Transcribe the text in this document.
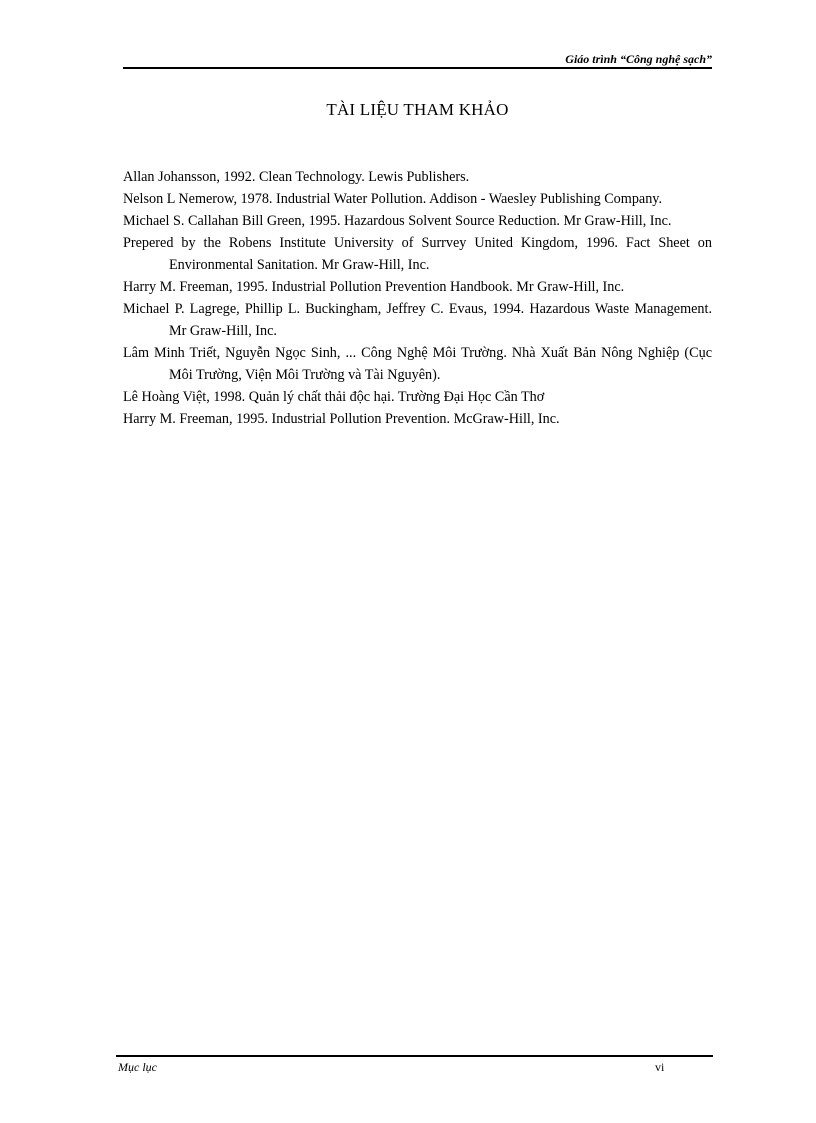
Giáo trình “Công nghệ sạch”
TÀI LIỆU THAM KHẢO
Allan Johansson, 1992. Clean Technology. Lewis Publishers.
Nelson L Nemerow, 1978. Industrial Water Pollution. Addison ‑ Waesley Publishing Company.
Michael S. Callahan Bill Green, 1995. Hazardous Solvent Source Reduction. Mr Graw‑Hill, Inc.
Prepered by the Robens Institute University of Surrvey United Kingdom, 1996. Fact Sheet on Environmental Sanitation. Mr Graw‑Hill, Inc.
Harry M. Freeman, 1995. Industrial Pollution Prevention Handbook. Mr Graw‑Hill, Inc.
Michael P. Lagrege, Phillip L. Buckingham, Jeffrey C. Evaus, 1994. Hazardous Waste Management. Mr Graw‑Hill, Inc.
Lâm Minh Triết, Nguyễn Ngọc Sinh, ... Công Nghệ Môi Trường. Nhà Xuất Bản Nông Nghiệp (Cục Môi Trường, Viện Môi Trường và Tài Nguyên).
Lê Hoàng Việt, 1998. Quản lý chất thải độc hại. Trường Đại Học Cần Thơ
Harry M. Freeman, 1995. Industrial Pollution Prevention. McGraw‑Hill, Inc.
Mục lục	vi
